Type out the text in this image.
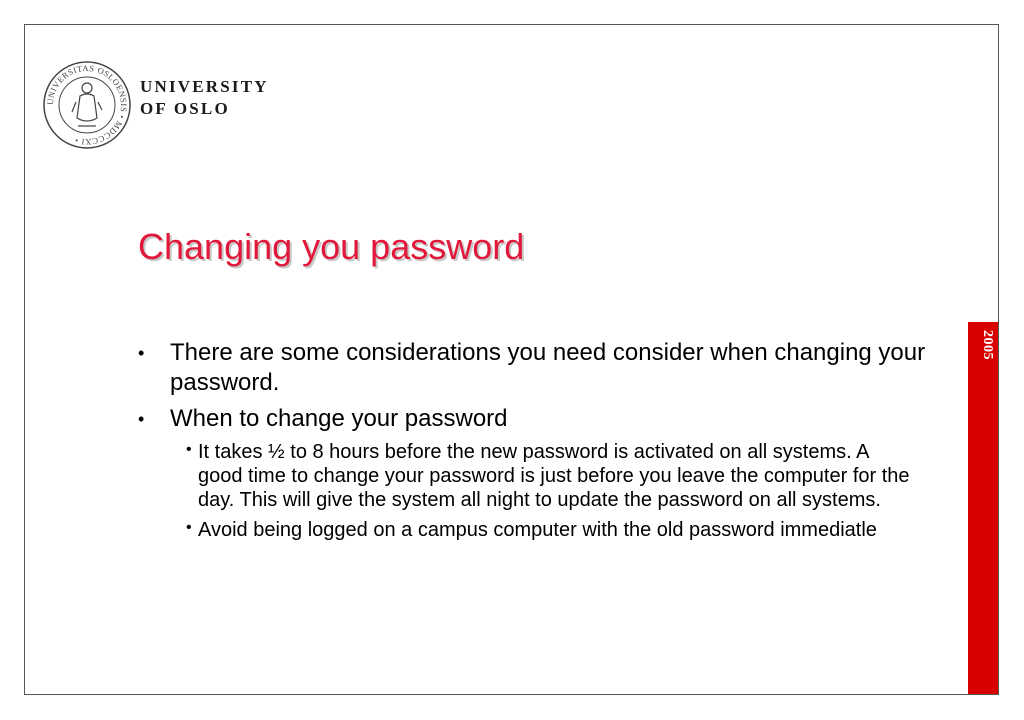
UNIVERSITAS OSLOENSIS • MDCCCXI •
UNIVERSITY
OF OSLO
2005
Changing you password
• There are some considerations you need consider when changing your password.
• When to change your password
• It takes ½ to 8 hours before the new password is activated on all systems. A good time to change your password is just before you leave the computer for the day. This will give the system all night to update the password on all systems.
• Avoid being logged on a campus computer with the old password immediatle
